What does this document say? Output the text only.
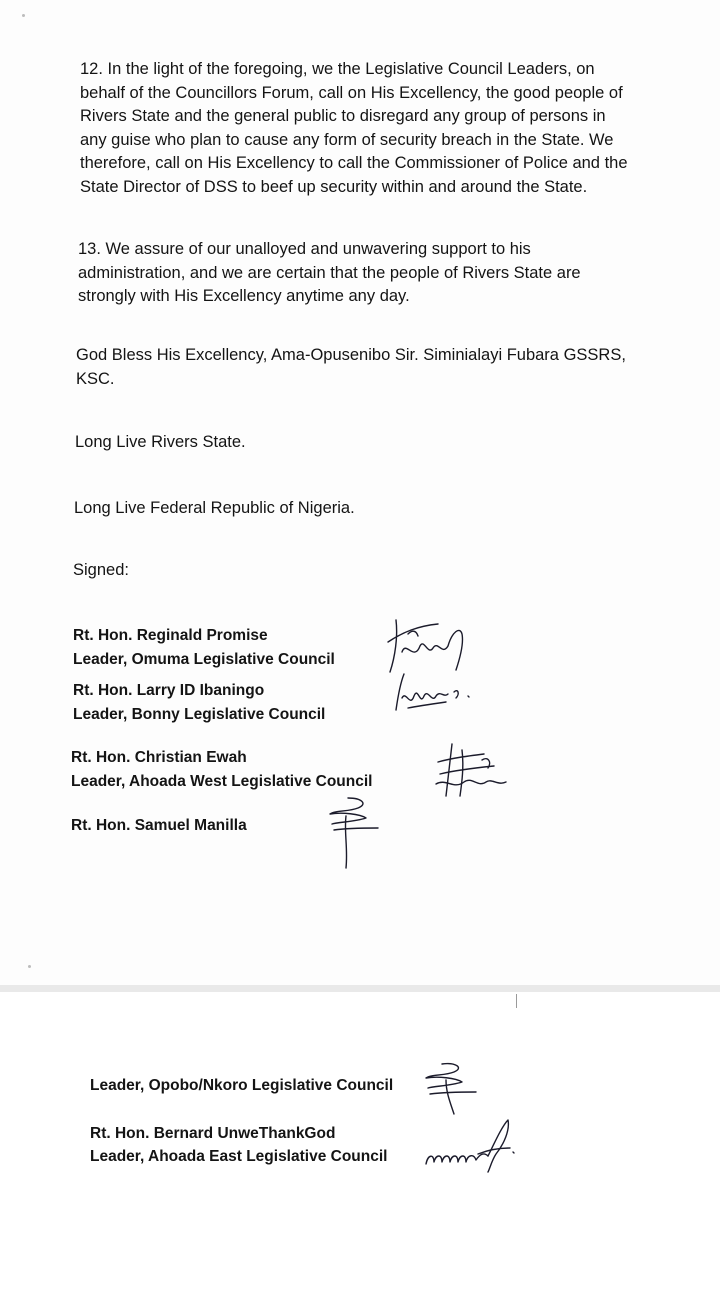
12. In the light of the foregoing, we the Legislative Council Leaders, on
behalf of the Councillors Forum, call on His Excellency, the good people of
Rivers State and the general public to disregard any group of persons in
any guise who plan to cause any form of security breach in the State. We
therefore, call on His Excellency to call the Commissioner of Police and the
State Director of DSS to beef up security within and around the State.

13. We assure of our unalloyed and unwavering support to his
administration, and we are certain that the people of Rivers State are
strongly with His Excellency anytime any day.

God Bless His Excellency, Ama-Opusenibo Sir. Siminialayi Fubara GSSRS,
KSC.

Long Live Rivers State.

Long Live Federal Republic of Nigeria.

Signed:

Rt. Hon. Reginald Promise
Leader, Omuma Legislative Council
Rt. Hon. Larry ID Ibaningo
Leader, Bonny Legislative Council
Rt. Hon. Christian Ewah
Leader, Ahoada West Legislative Council
Rt. Hon. Samuel Manilla
Leader, Opobo/Nkoro Legislative Council
Rt. Hon. Bernard UnweThankGod
Leader, Ahoada East Legislative Council
